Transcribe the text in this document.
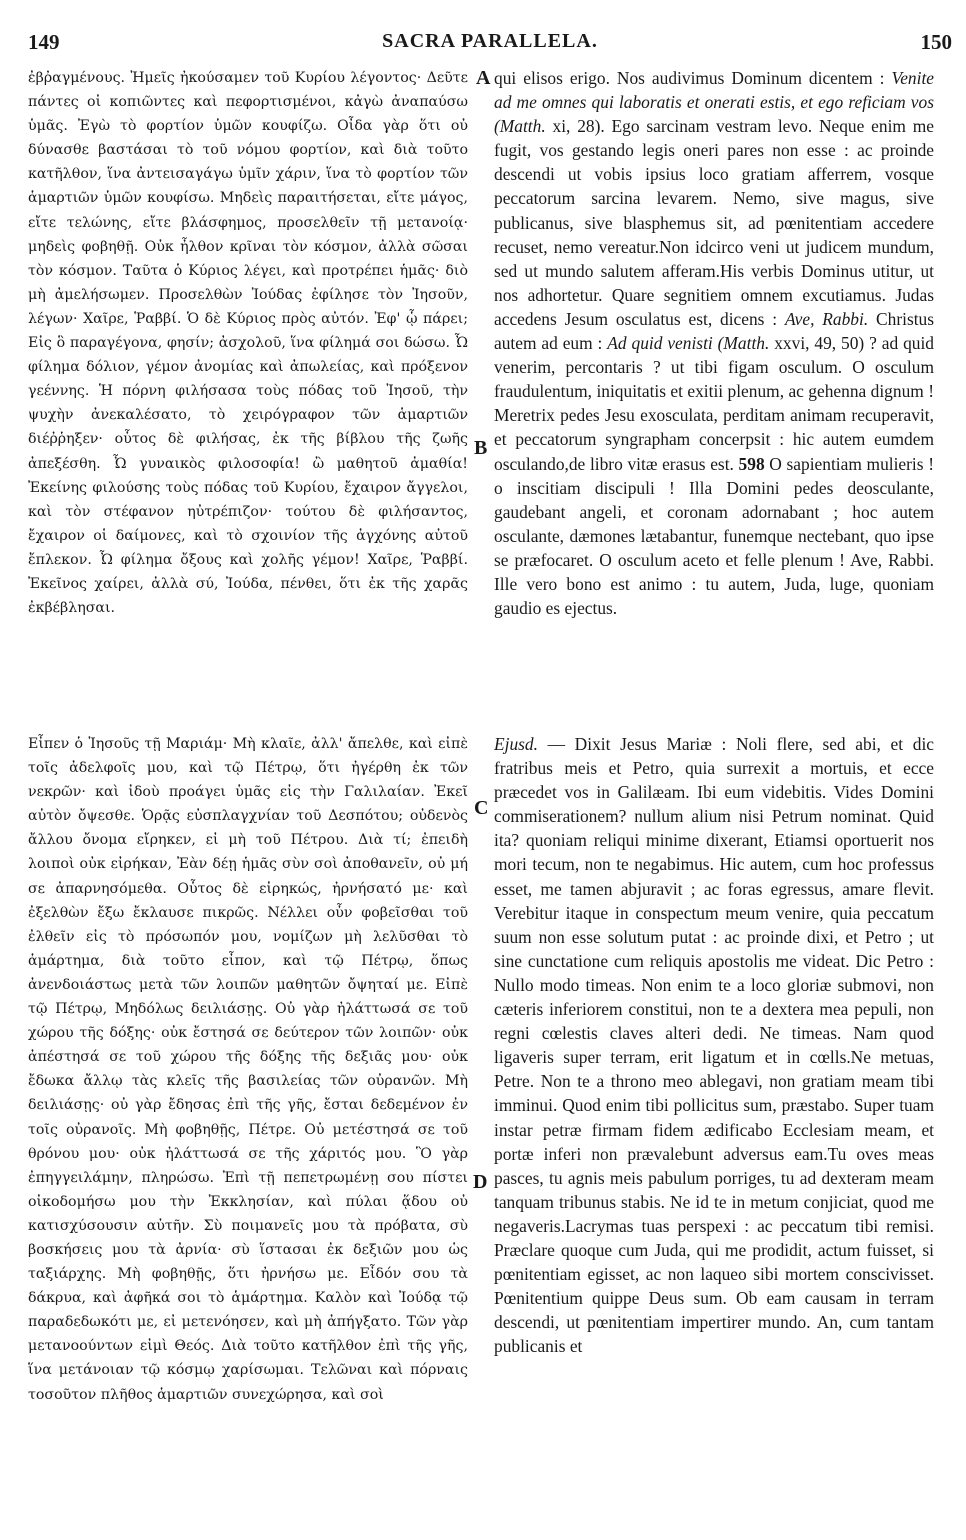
149	SACRA PARALLELA.	150
A
B
C
D

ἐβῤαγμένους. Ἠμεῖς ἠκούσαμεν τοῦ Κυρίου λέγοντος· Δεῦτε πάντες οἱ κοπιῶντες καὶ πεφορτισμένοι, κἀγὼ ἀναπαύσω ὑμᾶς. Ἐγὼ τὸ φορτίον ὑμῶν κουφίζω. Οἶδα γὰρ ὅτι οὐ δύνασθε βαστάσαι τὸ τοῦ νόμου φορτίον, καὶ διὰ τοῦτο κατῆλθον, ἵνα ἀντεισαγάγω ὑμῖν χάριν, ἵνα τὸ φορτίον τῶν ἁμαρτιῶν ὑμῶν κουφίσω. Μηδεὶς παραιτήσεται, εἴτε μάγος, εἴτε τελώνης, εἴτε βλάσφημος, προσελθεῖν τῇ μετανοίᾳ· μηδεὶς φοβηθῇ. Οὐκ ἦλθον κρῖναι τὸν κόσμον, ἀλλὰ σῶσαι τὸν κόσμον. Ταῦτα ὁ Κύριος λέγει, καὶ προτρέπει ἡμᾶς· διὸ μὴ ἀμελήσωμεν. Προσελθὼν Ἰούδας ἐφίλησε τὸν Ἰησοῦν, λέγων· Χαῖρε, Ῥαββί. Ὁ δὲ Κύριος πρὸς αὐτόν. Ἐφ' ᾧ πάρει; Εἰς ὃ παραγέγονα, φησίν; ἀσχολοῦ, ἵνα φίλημά σοι δώσω. Ὦ φίλημα δόλιον, γέμον ἀνομίας καὶ ἀπωλείας, καὶ πρόξενον γεέννης. Ἡ πόρνη φιλήσασα τοὺς πόδας τοῦ Ἰησοῦ, τὴν ψυχὴν ἀνεκαλέσατο, τὸ χειρόγραφον τῶν ἁμαρτιῶν διέῤῥηξεν· οὗτος δὲ φιλήσας, ἐκ τῆς βίβλου τῆς ζωῆς ἀπεξέσθη. Ὦ γυναικὸς φιλοσοφία! ὢ μαθητοῦ ἀμαθία! Ἐκείνης φιλούσης τοὺς πόδας τοῦ Κυρίου, ἔχαιρον ἄγγελοι, καὶ τὸν στέφανον ηὐτρέπιζον· τούτου δὲ φιλήσαντος, ἔχαιρον οἱ δαίμονες, καὶ τὸ σχοινίον τῆς ἀγχόνης αὐτοῦ ἔπλεκον. Ὦ φίλημα ὄξους καὶ χολῆς γέμον! Χαῖρε, Ῥαββί. Ἐκεῖνος χαίρει, ἀλλὰ σύ, Ἰούδα, πένθει, ὅτι ἐκ τῆς χαρᾶς ἐκβέβλησαι.

qui elisos erigo. Nos audivimus Dominum dicentem : Venite ad me omnes qui laboratis et onerati estis, et ego reficiam vos (Matth. xi, 28). Ego sarcinam vestram levo. Neque enim me fugit, vos gestando legis oneri pares non esse : ac proinde descendi ut vobis ipsius loco gratiam afferrem, vosque peccatorum sarcina levarem. Nemo, sive magus, sive publicanus, sive blasphemus sit, ad pœnitentiam accedere recuset, nemo vereatur.Non idcirco veni ut judicem mundum, sed ut mundo salutem afferam.His verbis Dominus utitur, ut nos adhortetur. Quare segnitiem omnem excutiamus. Judas accedens Jesum osculatus est, dicens : Ave, Rabbi. Christus autem ad eum : Ad quid venisti (Matth. xxvi, 49, 50) ? ad quid venerim, percontaris ? ut tibi figam osculum. O osculum fraudulentum, iniquitatis et exitii plenum, ac gehenna dignum ! Meretrix pedes Jesu exosculata, perditam animam recuperavit, et peccatorum syngrapham concerpsit : hic autem eumdem osculando,de libro vitæ erasus est. 598 O sapientiam mulieris ! o inscitiam discipuli ! Illa Domini pedes deosculante, gaudebant angeli, et coronam adornabant ; hoc autem osculante, dæmones lætabantur, funemque nectebant, quo ipse se præfocaret. O osculum aceto et felle plenum ! Ave, Rabbi. Ille vero bono est animo : tu autem, Juda, luge, quoniam gaudio es ejectus.

Εἶπεν ὁ Ἰησοῦς τῇ Μαριάμ· Μὴ κλαῖε, ἀλλ' ἄπελθε, καὶ εἰπὲ τοῖς ἀδελφοῖς μου, καὶ τῷ Πέτρῳ, ὅτι ἠγέρθη ἐκ τῶν νεκρῶν· καὶ ἰδοὺ προάγει ὑμᾶς εἰς τὴν Γαλιλαίαν. Ἐκεῖ αὐτὸν ὄψεσθε. Ὁρᾷς εὐσπλαγχνίαν τοῦ Δεσπότου; οὐδενὸς ἄλλου ὄνομα εἴρηκεν, εἰ μὴ τοῦ Πέτρου. Διὰ τί; ἐπειδὴ λοιποὶ οὐκ εἰρήκαν, Ἐὰν δέῃ ἡμᾶς σὺν σοὶ ἀποθανεῖν, οὐ μή σε ἀπαρνησόμεθα. Οὗτος δὲ εἰρηκώς, ἠρνήσατό με· καὶ ἐξελθὼν ἔξω ἔκλαυσε πικρῶς. Νέλλει οὖν φοβεῖσθαι τοῦ ἐλθεῖν εἰς τὸ πρόσωπόν μου, νομίζων μὴ λελῦσθαι τὸ ἁμάρτημα, διὰ τοῦτο εἶπον, καὶ τῷ Πέτρῳ, ὅπως ἀνενδοιάστως μετὰ τῶν λοιπῶν μαθητῶν ὄψηταί με. Εἰπὲ τῷ Πέτρῳ, Μηδόλως δειλιάσῃς. Οὐ γὰρ ἠλάττωσά σε τοῦ χώρου τῆς δόξης· οὐκ ἔστησά σε δεύτερον τῶν λοιπῶν· οὐκ ἀπέστησά σε τοῦ χώρου τῆς δόξης τῆς δεξιᾶς μου· οὐκ ἔδωκα ἄλλῳ τὰς κλεῖς τῆς βασιλείας τῶν οὐρανῶν. Μὴ δειλιάσῃς· οὐ γὰρ ἔδησας ἐπὶ τῆς γῆς, ἔσται δεδεμένον ἐν τοῖς οὐρανοῖς. Μὴ φοβηθῇς, Πέτρε. Οὐ μετέστησά σε τοῦ θρόνου μου· οὐκ ἠλάττωσά σε τῆς χάριτός μου. Ὃ γὰρ ἐπηγγειλάμην, πληρώσω. Ἐπὶ τῇ πεπετρωμένῃ σου πίστει οἰκοδομήσω μου τὴν Ἐκκλησίαν, καὶ πύλαι ᾅδου οὐ κατισχύσουσιν αὐτῆν. Σὺ ποιμανεῖς μου τὰ πρόβατα, σὺ βοσκήσεις μου τὰ ἀρνία· σὺ ἵστασαι ἐκ δεξιῶν μου ὡς ταξιάρχης. Μὴ φοβηθῇς, ὅτι ἠρνήσω με. Εἶδόν σου τὰ δάκρυα, καὶ ἀφῆκά σοι τὸ ἁμάρτημα. Καλὸν καὶ Ἰούδᾳ τῷ παραδεδωκότι με, εἰ μετενόησεν, καὶ μὴ ἀπήγξατο. Τῶν γὰρ μετανοούντων εἰμὶ Θεός. Διὰ τοῦτο κατῆλθον ἐπὶ τῆς γῆς, ἵνα μετάνοιαν τῷ κόσμῳ χαρίσωμαι. Τελῶναι καὶ πόρναις τοσοῦτον πλῆθος ἁμαρτιῶν συνεχώρησα, καὶ σοὶ

Ejusd. — Dixit Jesus Mariæ : Noli flere, sed abi, et dic fratribus meis et Petro, quia surrexit a mortuis, et ecce præcedet vos in Galilæam. Ibi eum videbitis. Vides Domini commiserationem? nullum alium nisi Petrum nominat. Quid ita? quoniam reliqui minime dixerant, Etiamsi oportuerit nos mori tecum, non te negabimus. Hic autem, cum hoc professus esset, me tamen abjuravit ; ac foras egressus, amare flevit. Verebitur itaque in conspectum meum venire, quia peccatum suum non esse solutum putat : ac proinde dixi, et Petro ; ut sine cunctatione cum reliquis apostolis me videat. Dic Petro : Nullo modo timeas. Non enim te a loco gloriæ submovi, non cæteris inferiorem constitui, non te a dextera mea pepuli, non regni cœlestis claves alteri dedi. Ne timeas. Nam quod ligaveris super terram, erit ligatum et in cœlls.Ne metuas, Petre. Non te a throno meo ablegavi, non gratiam meam tibi imminui. Quod enim tibi pollicitus sum, præstabo. Super tuam instar petræ firmam fidem ædificabo Ecclesiam meam, et portæ inferi non prævalebunt adversus eam.Tu oves meas pasces, tu agnis meis pabulum porriges, tu ad dexteram meam tanquam tribunus stabis. Ne id te in metum conjiciat, quod me negaveris.Lacrymas tuas perspexi : ac peccatum tibi remisi. Præclare quoque cum Juda, qui me prodidit, actum fuisset, si pœnitentiam egisset, ac non laqueo sibi mortem conscivisset. Pœnitentium quippe Deus sum. Ob eam causam in terram descendi, ut pœnitentiam impertirer mundo. An, cum tantam publicanis et
